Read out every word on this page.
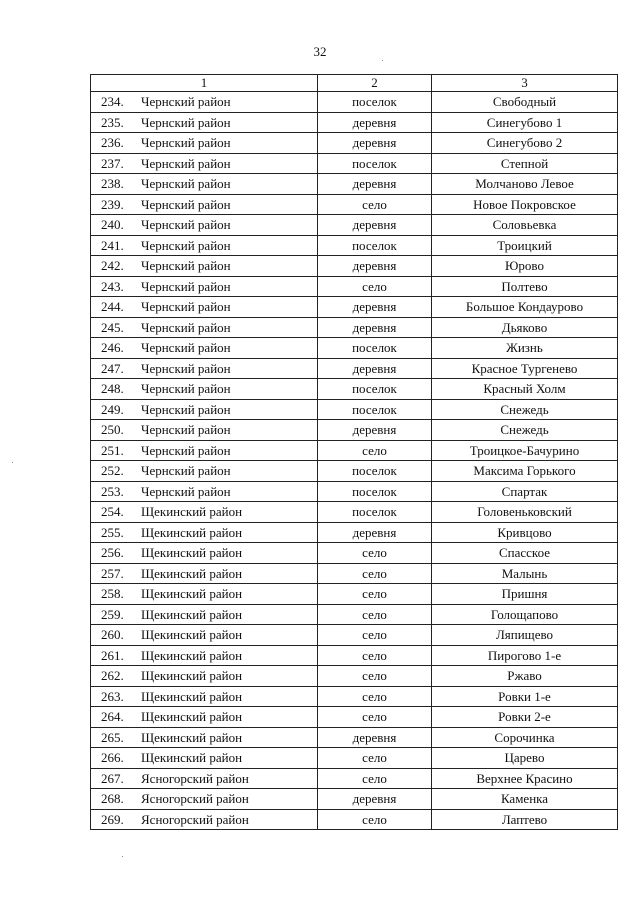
32
1	2	3
234. Чернский район	поселок	Свободный
235. Чернский район	деревня	Синегубово 1
236. Чернский район	деревня	Синегубово 2
237. Чернский район	поселок	Степной
238. Чернский район	деревня	Молчаново Левое
239. Чернский район	село	Новое Покровское
240. Чернский район	деревня	Соловьевка
241. Чернский район	поселок	Троицкий
242. Чернский район	деревня	Юрово
243. Чернский район	село	Полтево
244. Чернский район	деревня	Большое Кондаурово
245. Чернский район	деревня	Дьяково
246. Чернский район	поселок	Жизнь
247. Чернский район	деревня	Красное Тургенево
248. Чернский район	поселок	Красный Холм
249. Чернский район	поселок	Снежедь
250. Чернский район	деревня	Снежедь
251. Чернский район	село	Троицкое-Бачурино
252. Чернский район	поселок	Максима Горького
253. Чернский район	поселок	Спартак
254. Щекинский район	поселок	Головеньковский
255. Щекинский район	деревня	Кривцово
256. Щекинский район	село	Спасское
257. Щекинский район	село	Малынь
258. Щекинский район	село	Пришня
259. Щекинский район	село	Голощапово
260. Щекинский район	село	Ляпищево
261. Щекинский район	село	Пирогово 1-е
262. Щекинский район	село	Ржаво
263. Щекинский район	село	Ровки 1-е
264. Щекинский район	село	Ровки 2-е
265. Щекинский район	деревня	Сорочинка
266. Щекинский район	село	Царево
267. Ясногорский район	село	Верхнее Красино
268. Ясногорский район	деревня	Каменка
269. Ясногорский район	село	Лаптево
